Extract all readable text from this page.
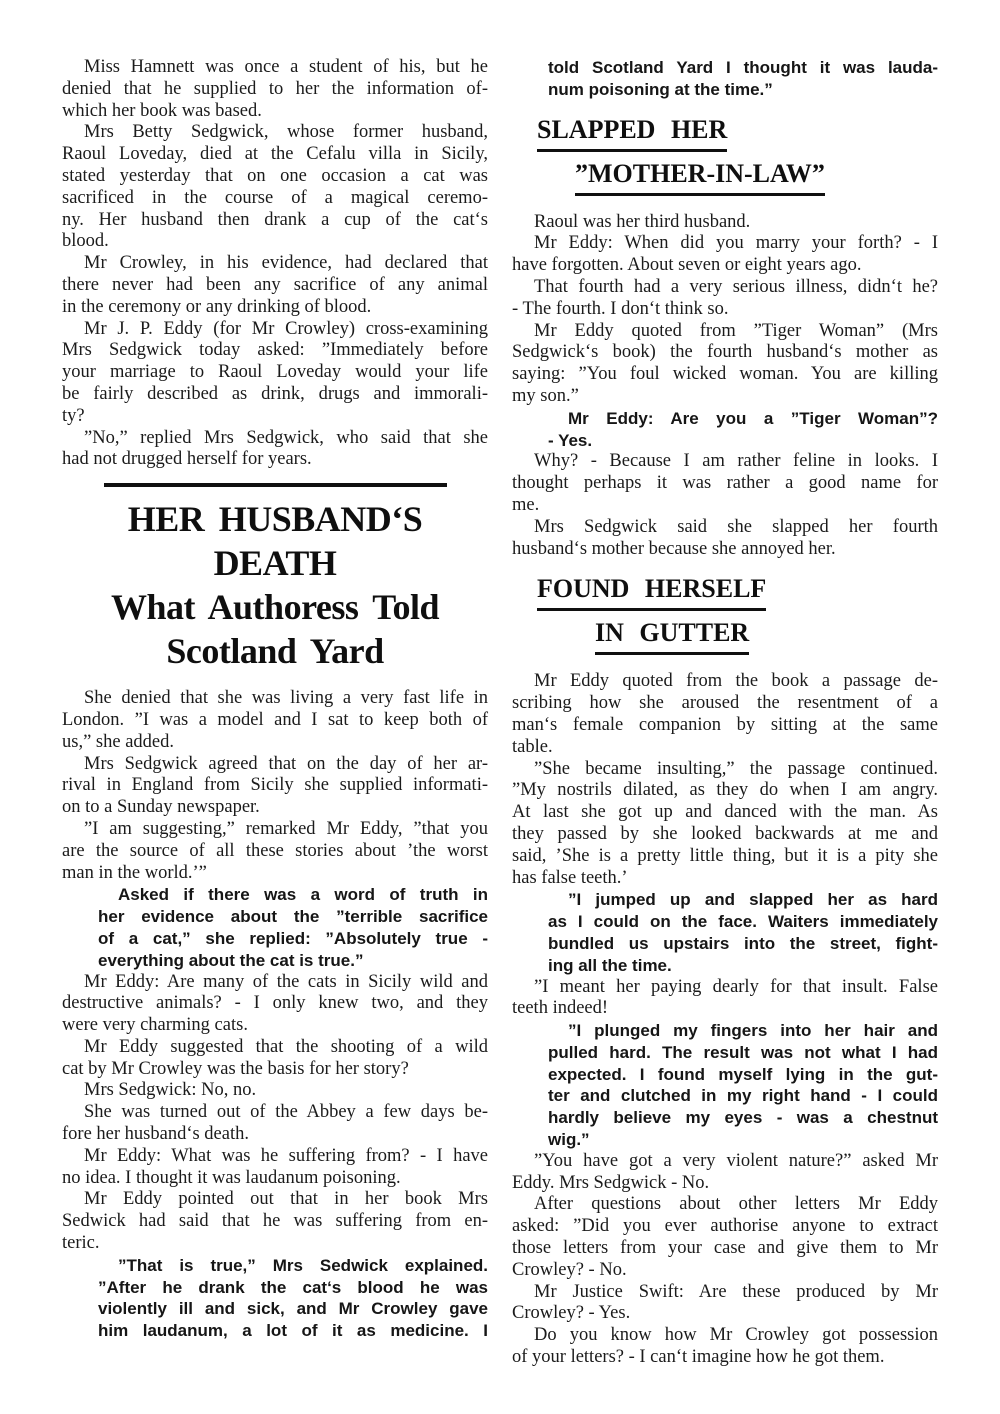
Miss Hamnett was once a student of his, but he
denied that he supplied to her the information of-
which her book was based.
Mrs Betty Sedgwick, whose former husband,
Raoul Loveday, died at the Cefalu villa in Sicily,
stated yesterday that on one occasion a cat was
sacrificed in the course of a magical ceremo-
ny. Her husband then drank a cup of the cat‘s
blood.
Mr Crowley, in his evidence, had declared that
there never had been any sacrifice of any animal
in the ceremony or any drinking of blood.
Mr J. P. Eddy (for Mr Crowley) cross-examining
Mrs Sedgwick today asked: ”Immediately before
your marriage to Raoul Loveday would your life
be fairly described as drink, drugs and immorali-
ty?
”No,” replied Mrs Sedgwick, who said that she
had not drugged herself for years.
HER HUSBAND‘S
DEATH
What Authoress Told
Scotland Yard
She denied that she was living a very fast life in
London. ”I was a model and I sat to keep both of
us,” she added.
Mrs Sedgwick agreed that on the day of her ar-
rival in England from Sicily she supplied informati-
on to a Sunday newspaper.
”I am suggesting,” remarked Mr Eddy, ”that you
are the source of all these stories about ’the worst
man in the world.’”
Asked if there was a word of truth in
her evidence about the ”terrible sacrifice
of a cat,” she replied: ”Absolutely true -
everything about the cat is true.”
Mr Eddy: Are many of the cats in Sicily wild and
destructive animals? - I only knew two, and they
were very charming cats.
Mr Eddy suggested that the shooting of a wild
cat by Mr Crowley was the basis for her story?
Mrs Sedgwick: No, no.
She was turned out of the Abbey a few days be-
fore her husband‘s death.
Mr Eddy: What was he suffering from? - I have
no idea. I thought it was laudanum poisoning.
Mr Eddy pointed out that in her book Mrs
Sedwick had said that he was suffering from en-
teric.
”That is true,” Mrs Sedwick explained.
”After he drank the cat‘s blood he was
violently ill and sick, and Mr Crowley gave
him laudanum, a lot of it as medicine. I
told Scotland Yard I thought it was lauda-
num poisoning at the time.”
SLAPPED HER
”MOTHER-IN-LAW”
Raoul was her third husband.
Mr Eddy: When did you marry your forth? - I
have forgotten. About seven or eight years ago.
That fourth had a very serious illness, didn‘t he?
- The fourth. I don‘t think so.
Mr Eddy quoted from ”Tiger Woman” (Mrs
Sedgwick‘s book) the fourth husband‘s mother as
saying: ”You foul wicked woman. You are killing
my son.”
Mr Eddy: Are you a ”Tiger Woman”?
- Yes.
Why? - Because I am rather feline in looks. I
thought perhaps it was rather a good name for
me.
Mrs Sedgwick said she slapped her fourth
husband‘s mother because she annoyed her.
FOUND HERSELF
IN GUTTER
Mr Eddy quoted from the book a passage de-
scribing how she aroused the resentment of a
man‘s female companion by sitting at the same
table.
”She became insulting,” the passage continued.
”My nostrils dilated, as they do when I am angry.
At last she got up and danced with the man. As
they passed by she looked backwards at me and
said, ’She is a pretty little thing, but it is a pity she
has false teeth.’
”I jumped up and slapped her as hard
as I could on the face. Waiters immediately
bundled us upstairs into the street, fight-
ing all the time.
”I meant her paying dearly for that insult. False
teeth indeed!
”I plunged my fingers into her hair and
pulled hard. The result was not what I had
expected. I found myself lying in the gut-
ter and clutched in my right hand - I could
hardly believe my eyes - was a chestnut
wig.”
”You have got a very violent nature?” asked Mr
Eddy. Mrs Sedgwick - No.
After questions about other letters Mr Eddy
asked: ”Did you ever authorise anyone to extract
those letters from your case and give them to Mr
Crowley? - No.
Mr Justice Swift: Are these produced by Mr
Crowley? - Yes.
Do you know how Mr Crowley got possession
of your letters? - I can‘t imagine how he got them.
